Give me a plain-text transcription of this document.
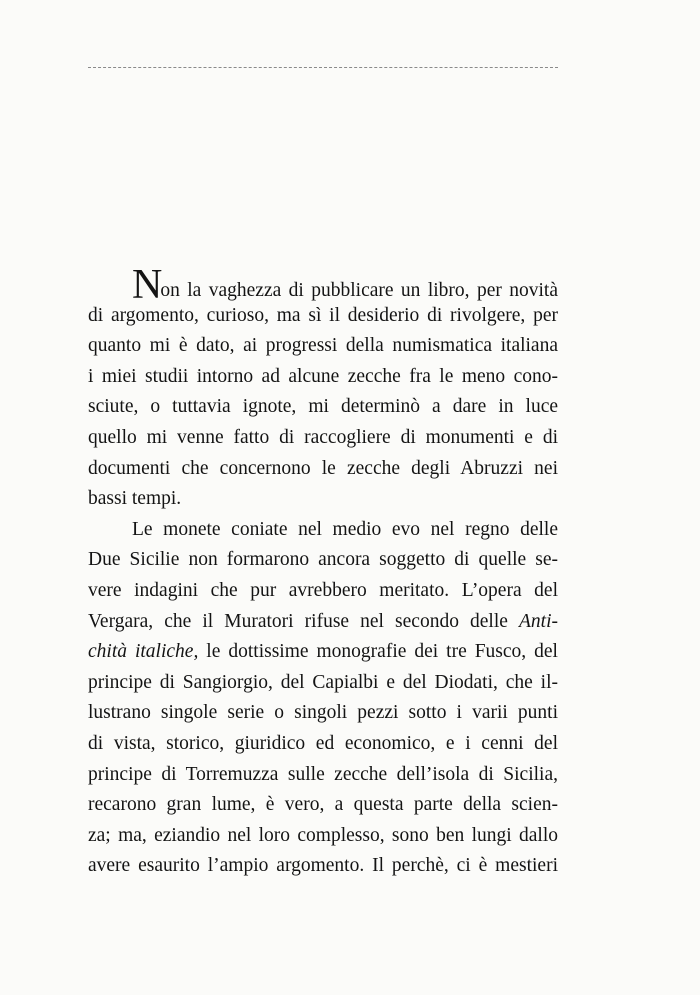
Non la vaghezza di pubblicare un libro, per novità
di argomento, curioso, ma sì il desiderio di rivolgere, per
quanto mi è dato, ai progressi della numismatica italiana
i miei studii intorno ad alcune zecche fra le meno cono-
sciute, o tuttavia ignote, mi determinò a dare in luce
quello mi venne fatto di raccogliere di monumenti e di
documenti che concernono le zecche degli Abruzzi nei
bassi tempi.
Le monete coniate nel medio evo nel regno delle
Due Sicilie non formarono ancora soggetto di quelle se-
vere indagini che pur avrebbero meritato. L’opera del
Vergara, che il Muratori rifuse nel secondo delle Anti-
chità italiche, le dottissime monografie dei tre Fusco, del
principe di Sangiorgio, del Capialbi e del Diodati, che il-
lustrano singole serie o singoli pezzi sotto i varii punti
di vista, storico, giuridico ed economico, e i cenni del
principe di Torremuzza sulle zecche dell’isola di Sicilia,
recarono gran lume, è vero, a questa parte della scien-
za; ma, eziandio nel loro complesso, sono ben lungi dallo
avere esaurito l’ampio argomento. Il perchè, ci è mestieri
